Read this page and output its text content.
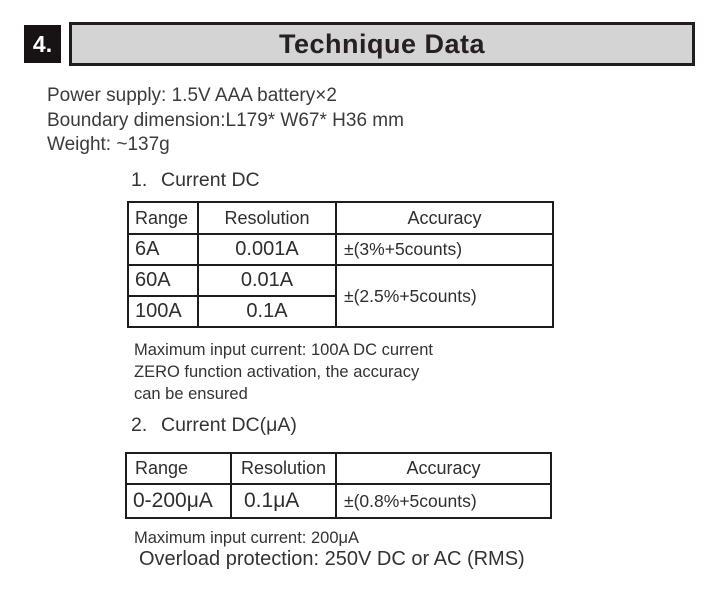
4.	Technique Data
Power supply: 1.5V AAA battery×2
Boundary dimension:L179* W67* H36 mm
Weight: ~137g
1. Current DC
Range	Resolution	Accuracy
6A	0.001A	±(3%+5counts)
60A	0.01A	±(2.5%+5counts)
100A	0.1A	
Maximum input current: 100A DC current
ZERO function activation, the accuracy
can be ensured
2. Current DC(μA)
Range	Resolution	Accuracy
0-200μA	0.1μA	±(0.8%+5counts)
Maximum input current: 200μA
Overload protection: 250V DC or AC (RMS)
